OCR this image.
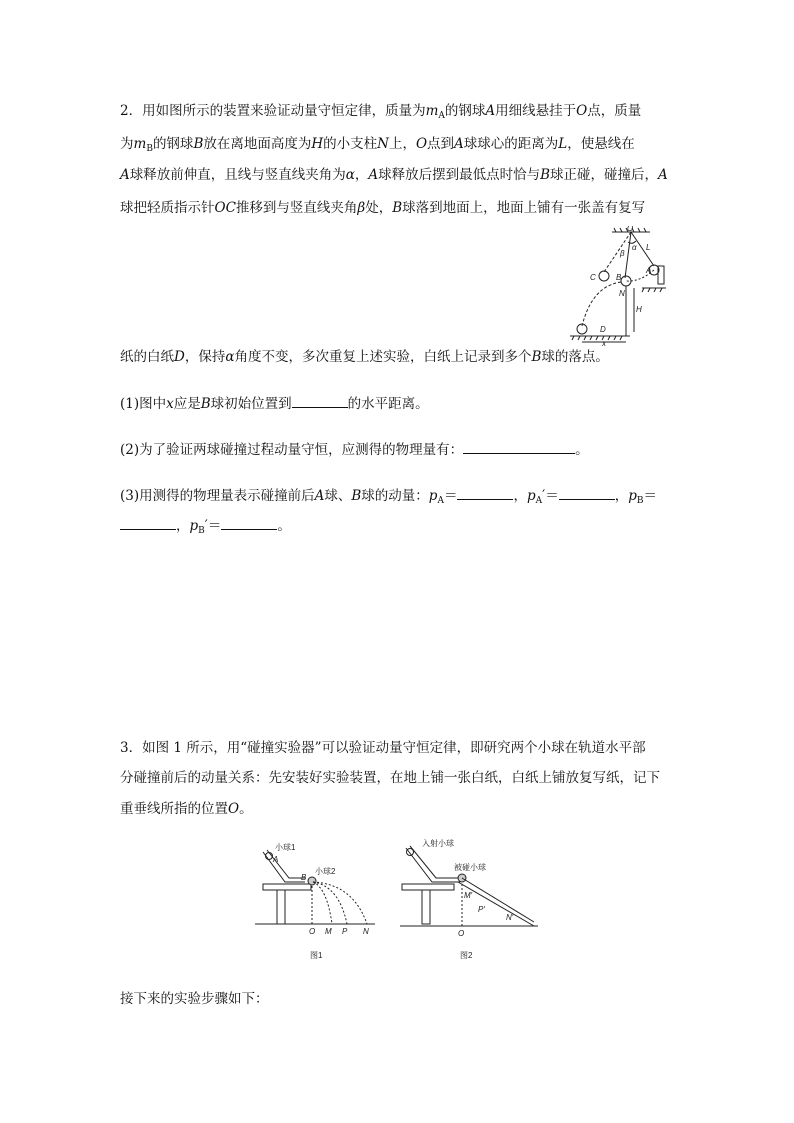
2．用如图所示的装置来验证动量守恒定律，质量为$m_A$的钢球A用细线悬挂于O点，质量

为$m_B$的钢球B放在离地面高度为H的小支柱N上，O点到A球球心的距离为L，使悬线在

A球释放前伸直，且线与竖直线夹角为α，A球释放后摆到最低点时恰与B球正碰，碰撞后，A

球把轻质指示针OC推移到与竖直线夹角β处，B球落到地面上，地面上铺有一张盖有复写

O
α
β
L
A
C	B
N
H
D
x

纸的白纸D，保持α角度不变，多次重复上述实验，白纸上记录到多个B球的落点。

(1)图中x应是B球初始位置到	的水平距离。

(2)为了验证两球碰撞过程动量守恒，应测得的物理量有：	。

(3)用测得的物理量表示碰撞前后A球、B球的动量：$p_A=$	，$p_A'=$	，$p_B=$

，$p_B'=$	。

3．如图 1 所示，用“碰撞实验器”可以验证动量守恒定律，即研究两个小球在轨道水平部

分碰撞前后的动量关系：先安装好实验装置，在地上铺一张白纸，白纸上铺放复写纸，记下

重垂线所指的位置O。

小球1
A
B
小球2
O M P N
图1
入射小球
被碰小球
M′
P′
N′
O
图2

接下来的实验步骤如下：
